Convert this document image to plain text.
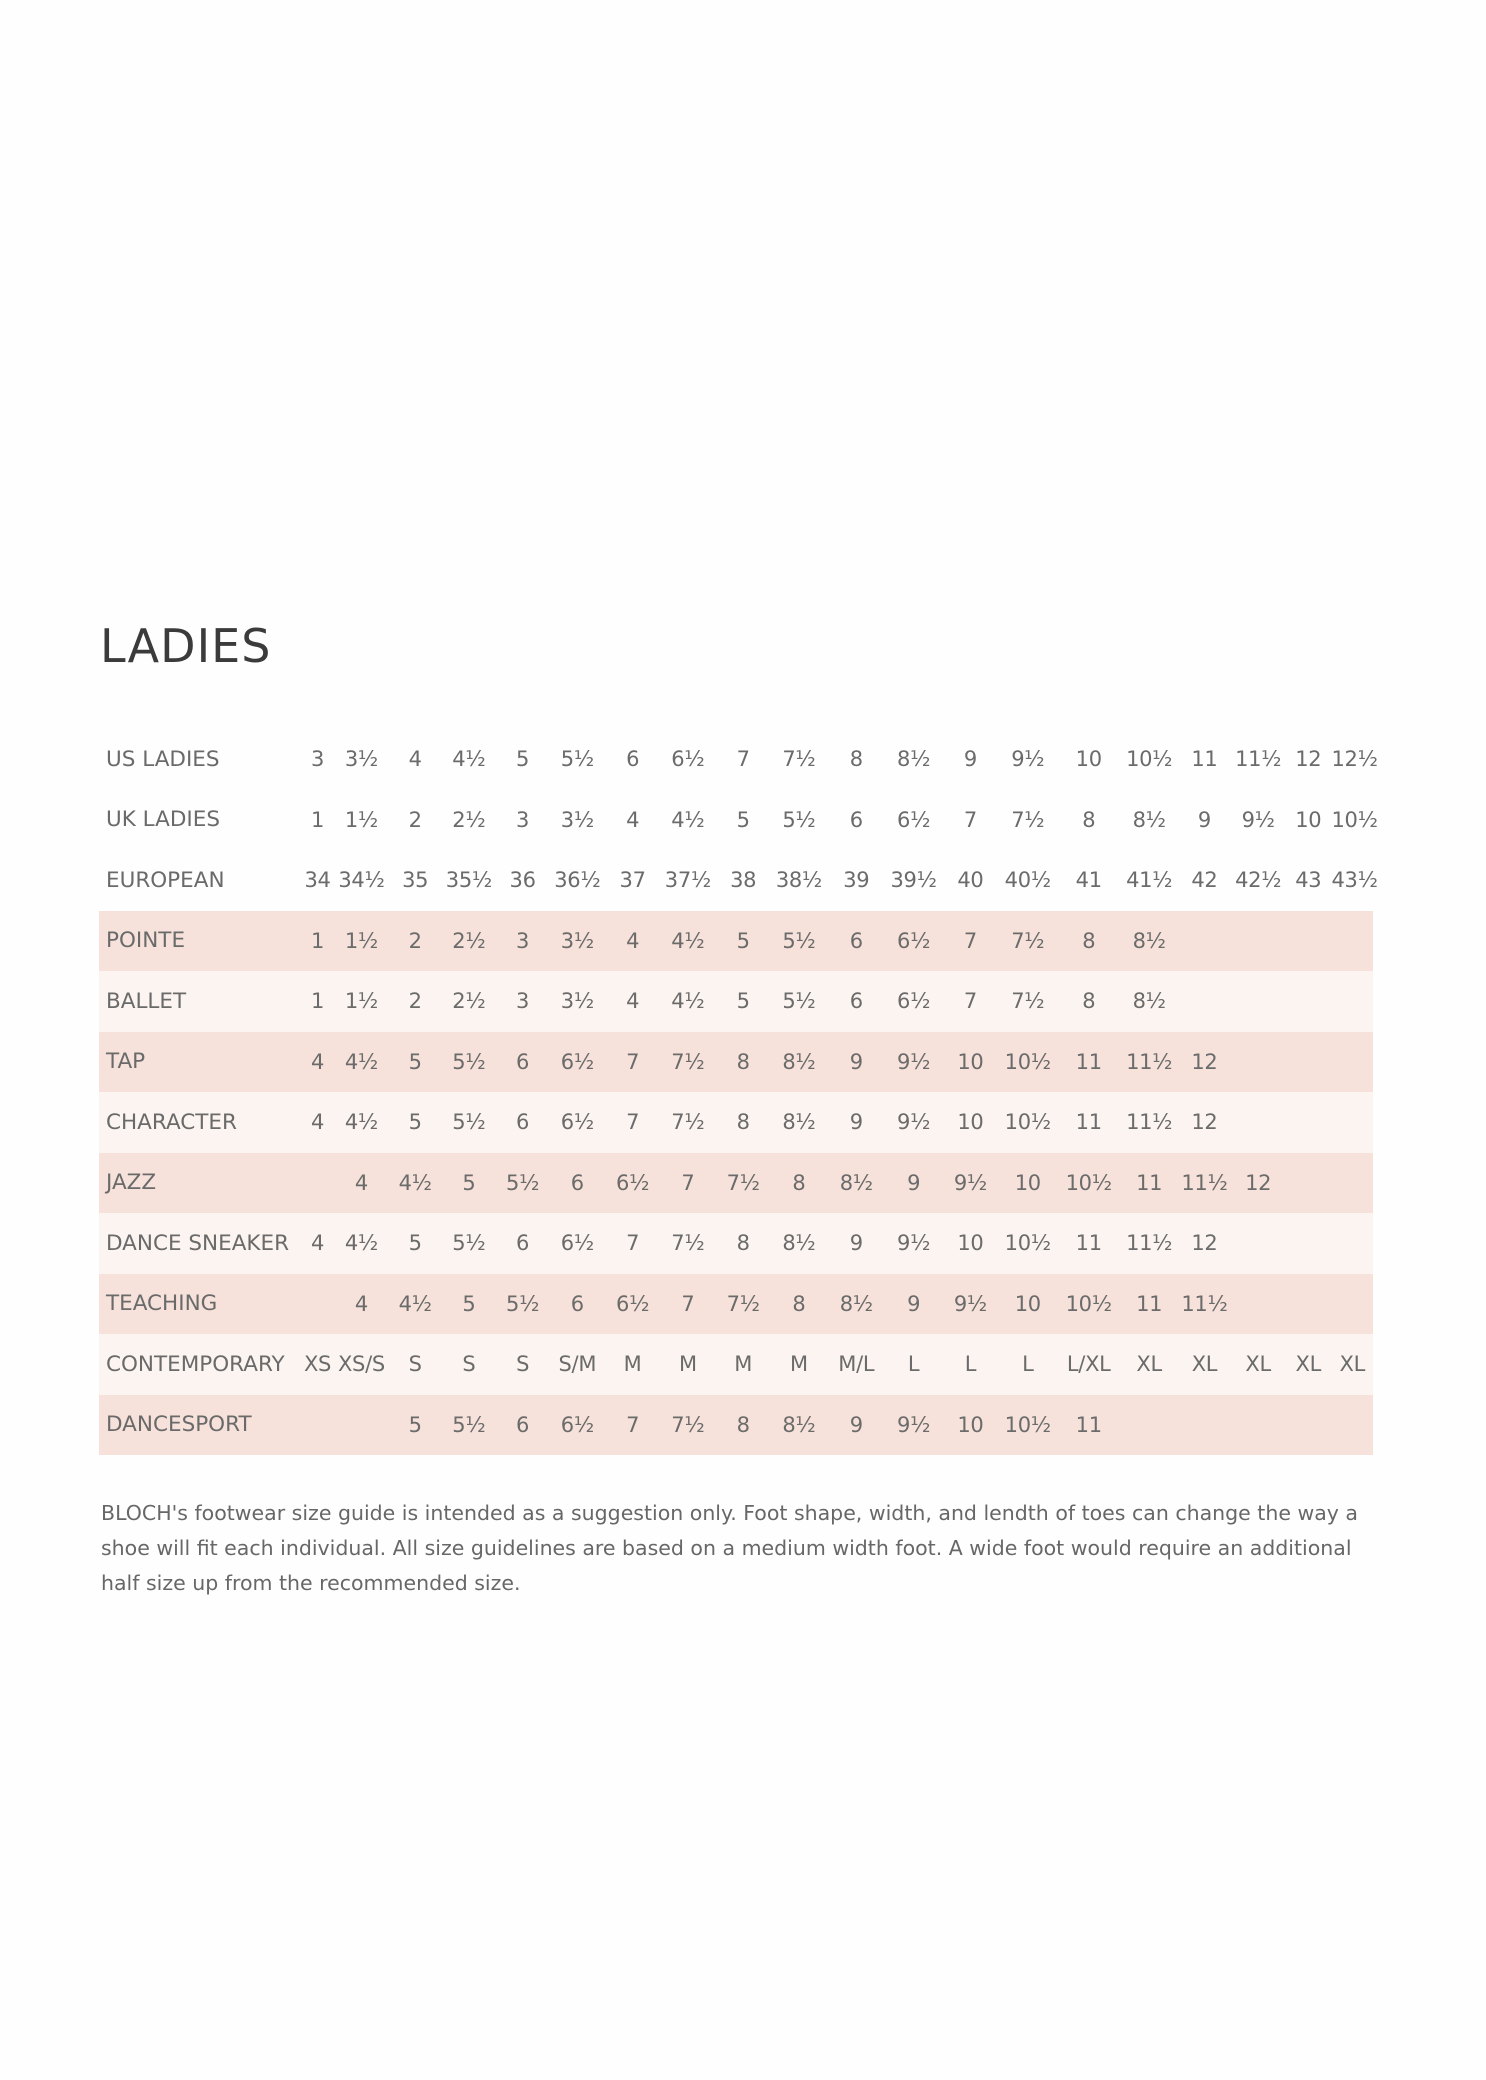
LADIES
US LADIES	3	3½	4	4½	5	5½	6	6½	7	7½	8	8½	9	9½	10	10½	11	11½	12	12½
UK LADIES	1	1½	2	2½	3	3½	4	4½	5	5½	6	6½	7	7½	8	8½	9	9½	10	10½
EUROPEAN	34	34½	35	35½	36	36½	37	37½	38	38½	39	39½	40	40½	41	41½	42	42½	43	43½
POINTE	1	1½	2	2½	3	3½	4	4½	5	5½	6	6½	7	7½	8	8½				
BALLET	1	1½	2	2½	3	3½	4	4½	5	5½	6	6½	7	7½	8	8½				
TAP	4	4½	5	5½	6	6½	7	7½	8	8½	9	9½	10	10½	11	11½	12			
CHARACTER	4	4½	5	5½	6	6½	7	7½	8	8½	9	9½	10	10½	11	11½	12			
JAZZ		4	4½	5	5½	6	6½	7	7½	8	8½	9	9½	10	10½	11	11½	12		
DANCE SNEAKER	4	4½	5	5½	6	6½	7	7½	8	8½	9	9½	10	10½	11	11½	12			
TEACHING		4	4½	5	5½	6	6½	7	7½	8	8½	9	9½	10	10½	11	11½			
CONTEMPORARY	XS	XS/S	S	S	S	S/M	M	M	M	M	M/L	L	L	L	L/XL	XL	XL	XL	XL	XL
DANCESPORT			5	5½	6	6½	7	7½	8	8½	9	9½	10	10½	11					

BLOCH's footwear size guide is intended as a suggestion only. Foot shape, width, and lendth of toes can change the way a shoe will fit each individual. All size guidelines are based on a medium width foot. A wide foot would require an additional half size up from the recommended size.
